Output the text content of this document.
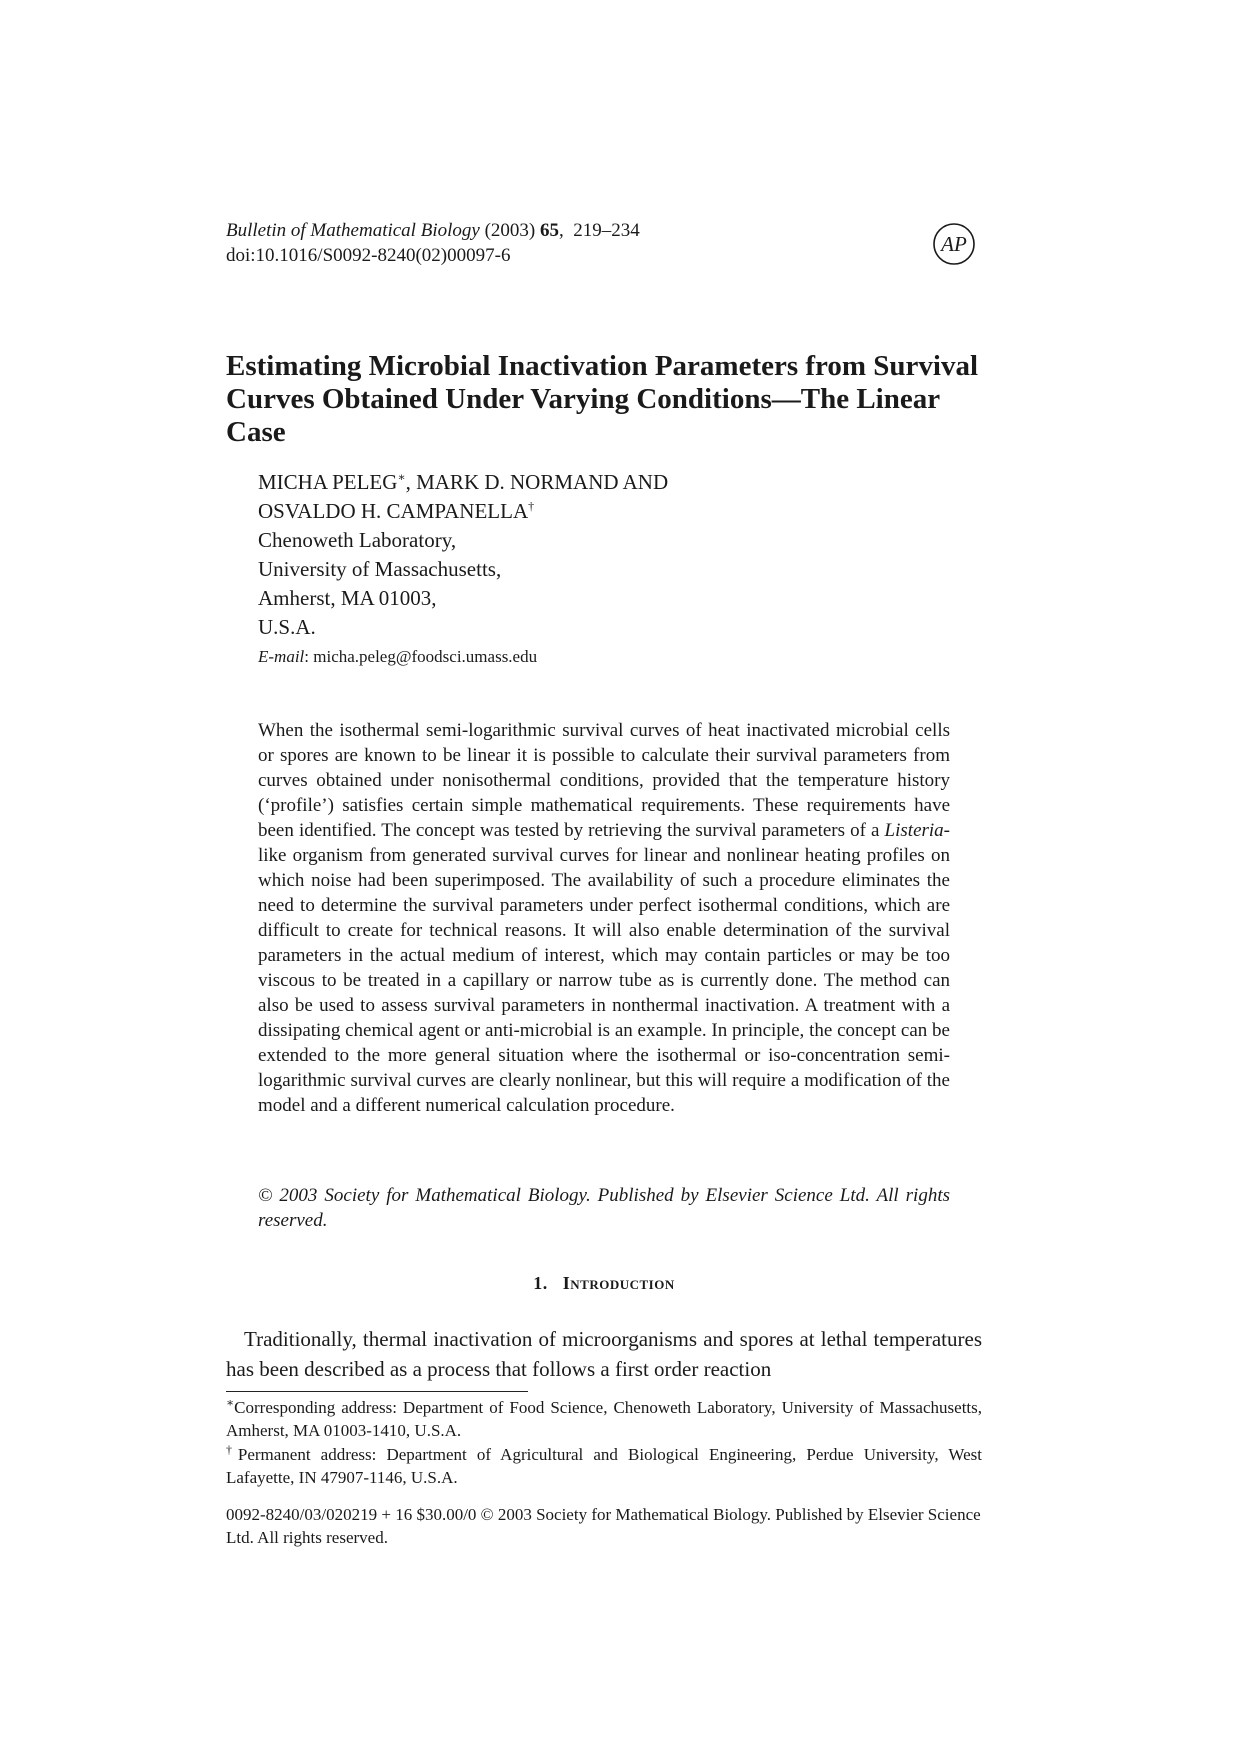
Bulletin of Mathematical Biology (2003) 65,  219–234
doi:10.1016/S0092-8240(02)00097-6	AP
Estimating Microbial Inactivation Parameters from Survival Curves Obtained Under Varying Conditions—The Linear Case
MICHA PELEG∗, MARK D. NORMAND AND
OSVALDO H. CAMPANELLA†
Chenoweth Laboratory,
University of Massachusetts,
Amherst, MA 01003,
U.S.A.
E-mail: micha.peleg@foodsci.umass.edu

When the isothermal semi-logarithmic survival curves of heat inactivated microbial cells or spores are known to be linear it is possible to calculate their survival parameters from curves obtained under nonisothermal conditions, provided that the temperature history (‘profile’) satisfies certain simple mathematical requirements. These requirements have been identified. The concept was tested by retrieving the survival parameters of a Listeria-like organism from generated survival curves for linear and nonlinear heating profiles on which noise had been superimposed. The availability of such a procedure eliminates the need to determine the survival parameters under perfect isothermal conditions, which are difficult to create for technical reasons. It will also enable determination of the survival parameters in the actual medium of interest, which may contain particles or may be too viscous to be treated in a capillary or narrow tube as is currently done. The method can also be used to assess survival parameters in nonthermal inactivation. A treatment with a dissipating chemical agent or anti-microbial is an example. In principle, the concept can be extended to the more general situation where the isothermal or iso-concentration semi-logarithmic survival curves are clearly nonlinear, but this will require a modification of the model and a different numerical calculation procedure.

© 2003 Society for Mathematical Biology. Published by Elsevier Science Ltd. All rights reserved.

1. Introduction

Traditionally, thermal inactivation of microorganisms and spores at lethal temperatures has been described as a process that follows a first order reaction

∗Corresponding address: Department of Food Science, Chenoweth Laboratory, University of Massachusetts, Amherst, MA 01003-1410, U.S.A.

†Permanent address: Department of Agricultural and Biological Engineering, Perdue University, West Lafayette, IN 47907-1146, U.S.A.

0092-8240/03/020219 + 16 $30.00/0 © 2003 Society for Mathematical Biology. Published by Elsevier Science Ltd. All rights reserved.
